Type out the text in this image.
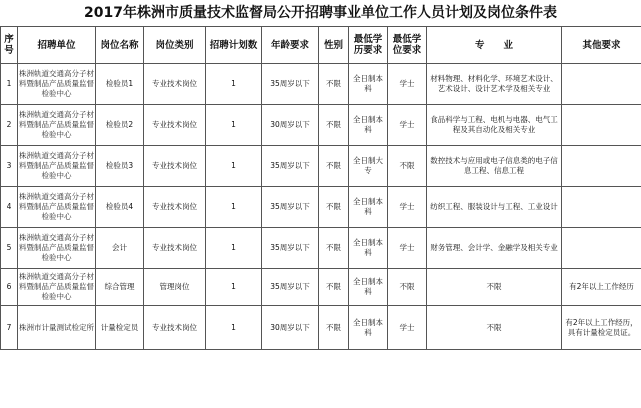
2017年株洲市质量技术监督局公开招聘事业单位工作人员计划及岗位条件表
序号	招聘单位	岗位名称	岗位类别	招聘计划数	年龄要求	性别	最低学历要求	最低学位要求	专　　业	其他要求
1	株洲轨道交通高分子材料暨制品产品质量监督检验中心	检验员1	专业技术岗位	1	35周岁以下	不限	全日制本科	学士	材料物理、材料化学、环境艺术设计、艺术设计、设计艺术学及相关专业	
2	株洲轨道交通高分子材料暨制品产品质量监督检验中心	检验员2	专业技术岗位	1	30周岁以下	不限	全日制本科	学士	食品科学与工程、电机与电器、电气工程及其自动化及相关专业	
3	株洲轨道交通高分子材料暨制品产品质量监督检验中心	检验员3	专业技术岗位	1	35周岁以下	不限	全日制大专	不限	数控技术与应用或电子信息类的电子信息工程、信息工程	
4	株洲轨道交通高分子材料暨制品产品质量监督检验中心	检验员4	专业技术岗位	1	35周岁以下	不限	全日制本科	学士	纺织工程、服装设计与工程、工业设计	
5	株洲轨道交通高分子材料暨制品产品质量监督检验中心	会计	专业技术岗位	1	35周岁以下	不限	全日制本科	学士	财务管理、会计学、金融学及相关专业	
6	株洲轨道交通高分子材料暨制品产品质量监督检验中心	综合管理	管理岗位	1	35周岁以下	不限	全日制本科	不限	不限	有2年以上工作经历
7	株洲市计量测试检定所	计量检定员	专业技术岗位	1	30周岁以下	不限	全日制本科	学士	不限	有2年以上工作经历，具有计量检定员证。
